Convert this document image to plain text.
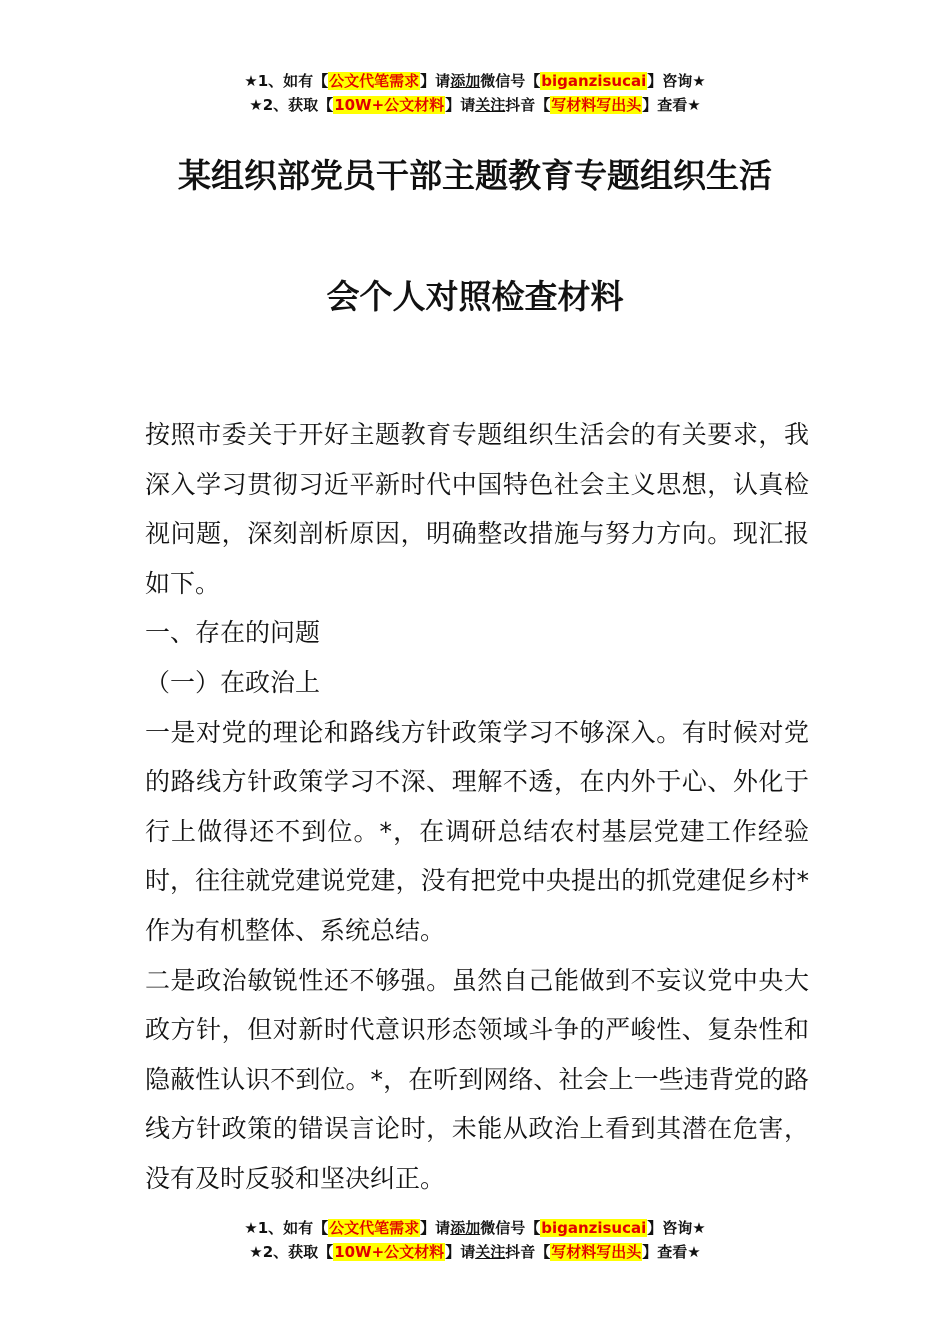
★1、如有【公文代笔需求】请添加微信号【biganzisucai】咨询★
★2、获取【10W+公文材料】请关注抖音【写材料写出头】查看★
某组织部党员干部主题教育专题组织生活
会个人对照检查材料

按照市委关于开好主题教育专题组织生活会的有关要求，我深入学习贯彻习近平新时代中国特色社会主义思想，认真检视问题，深刻剖析原因，明确整改措施与努力方向。现汇报如下。

一、存在的问题

（一）在政治上

一是对党的理论和路线方针政策学习不够深入。有时候对党的路线方针政策学习不深、理解不透，在内外于心、外化于行上做得还不到位。*，在调研总结农村基层党建工作经验时，往往就党建说党建，没有把党中央提出的抓党建促乡村*作为有机整体、系统总结。

二是政治敏锐性还不够强。虽然自己能做到不妄议党中央大政方针，但对新时代意识形态领域斗争的严峻性、复杂性和隐蔽性认识不到位。*，在听到网络、社会上一些违背党的路线方针政策的错误言论时，未能从政治上看到其潜在危害，没有及时反驳和坚决纠正。

★1、如有【公文代笔需求】请添加微信号【biganzisucai】咨询★
★2、获取【10W+公文材料】请关注抖音【写材料写出头】查看★
